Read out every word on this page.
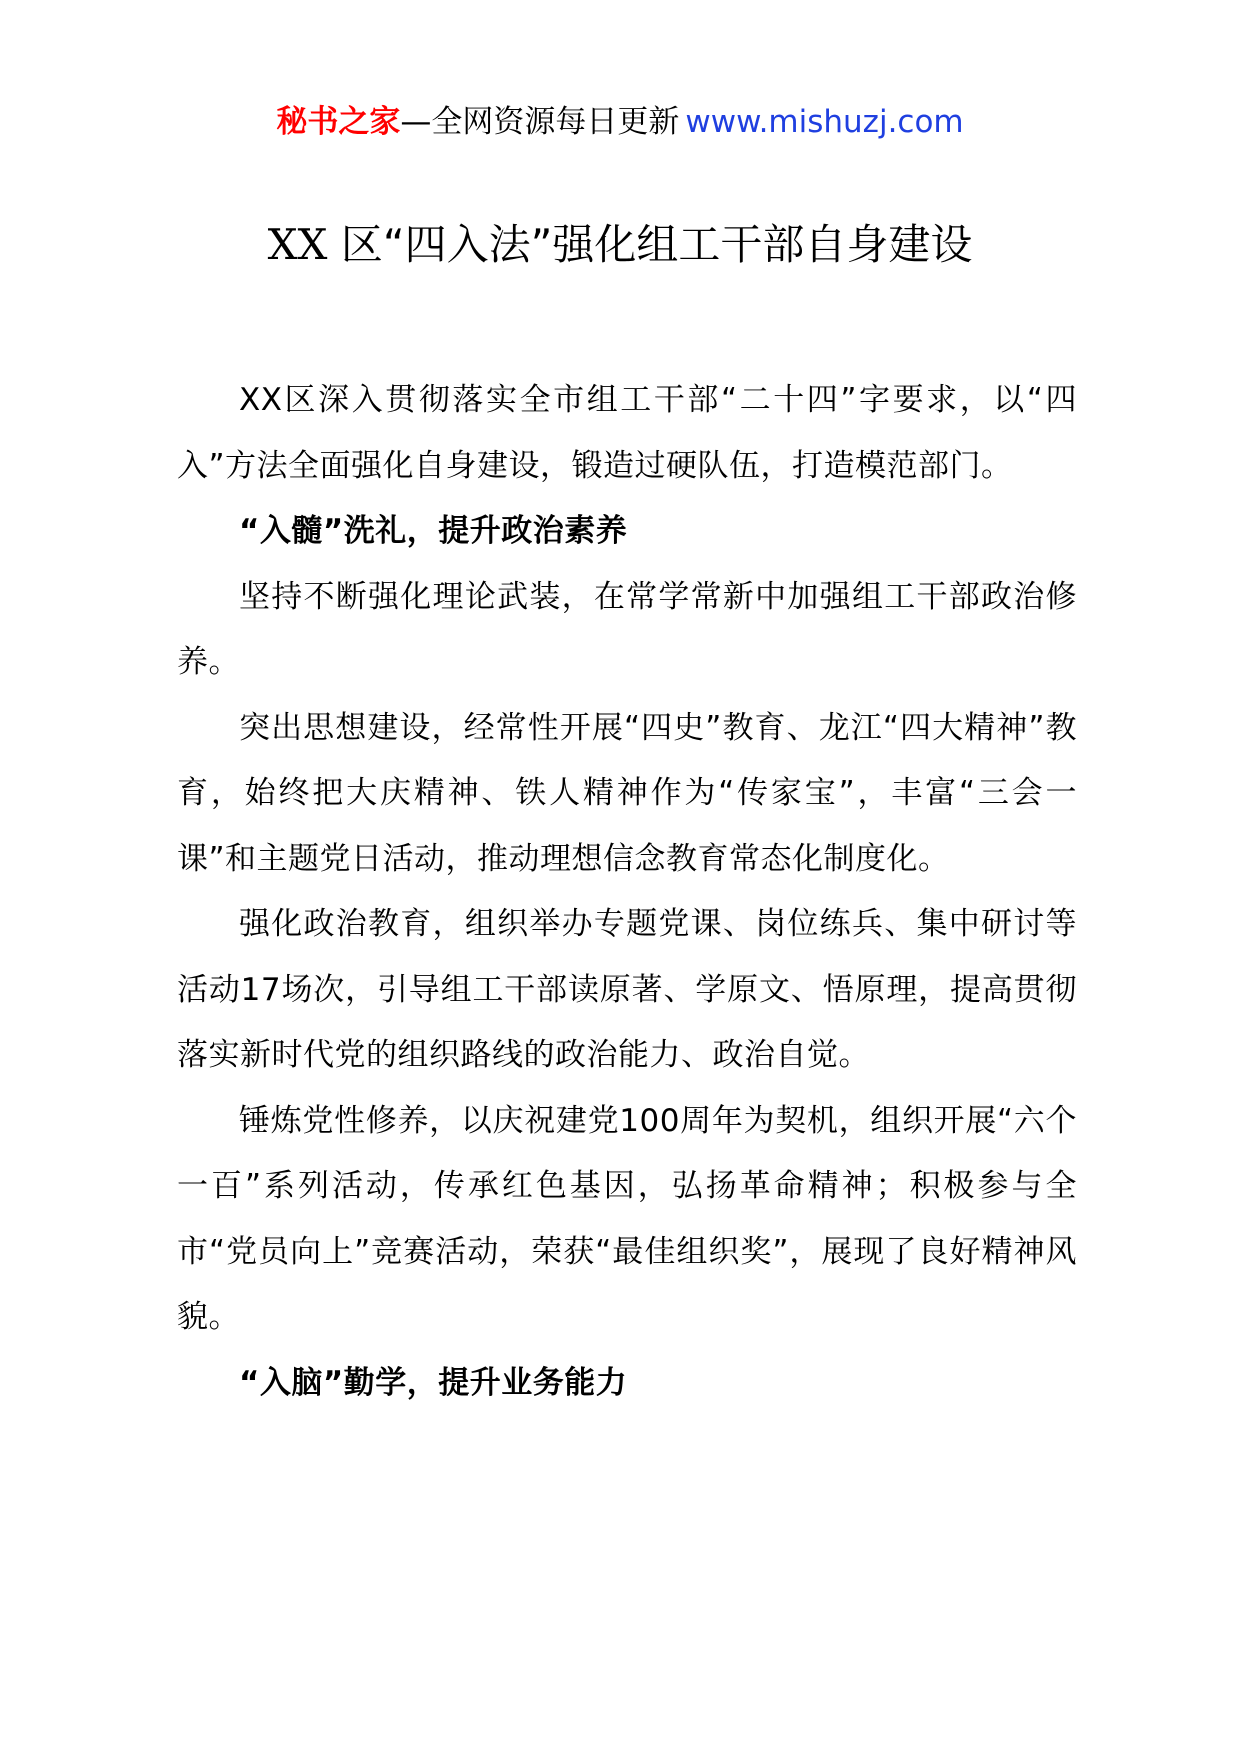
秘书之家—全网资源每日更新 www.mishuzj.com
XX 区“四入法”强化组工干部自身建设

XX区深入贯彻落实全市组工干部“二十四”字要求，以“四入”方法全面强化自身建设，锻造过硬队伍，打造模范部门。

“入髓”洗礼，提升政治素养

坚持不断强化理论武装，在常学常新中加强组工干部政治修养。

突出思想建设，经常性开展“四史”教育、龙江“四大精神”教育，始终把大庆精神、铁人精神作为“传家宝”，丰富“三会一课”和主题党日活动，推动理想信念教育常态化制度化。

强化政治教育，组织举办专题党课、岗位练兵、集中研讨等活动17场次，引导组工干部读原著、学原文、悟原理，提高贯彻落实新时代党的组织路线的政治能力、政治自觉。

锤炼党性修养，以庆祝建党100周年为契机，组织开展“六个一百”系列活动，传承红色基因，弘扬革命精神；积极参与全市“党员向上”竞赛活动，荣获“最佳组织奖”，展现了良好精神风貌。

“入脑”勤学，提升业务能力
